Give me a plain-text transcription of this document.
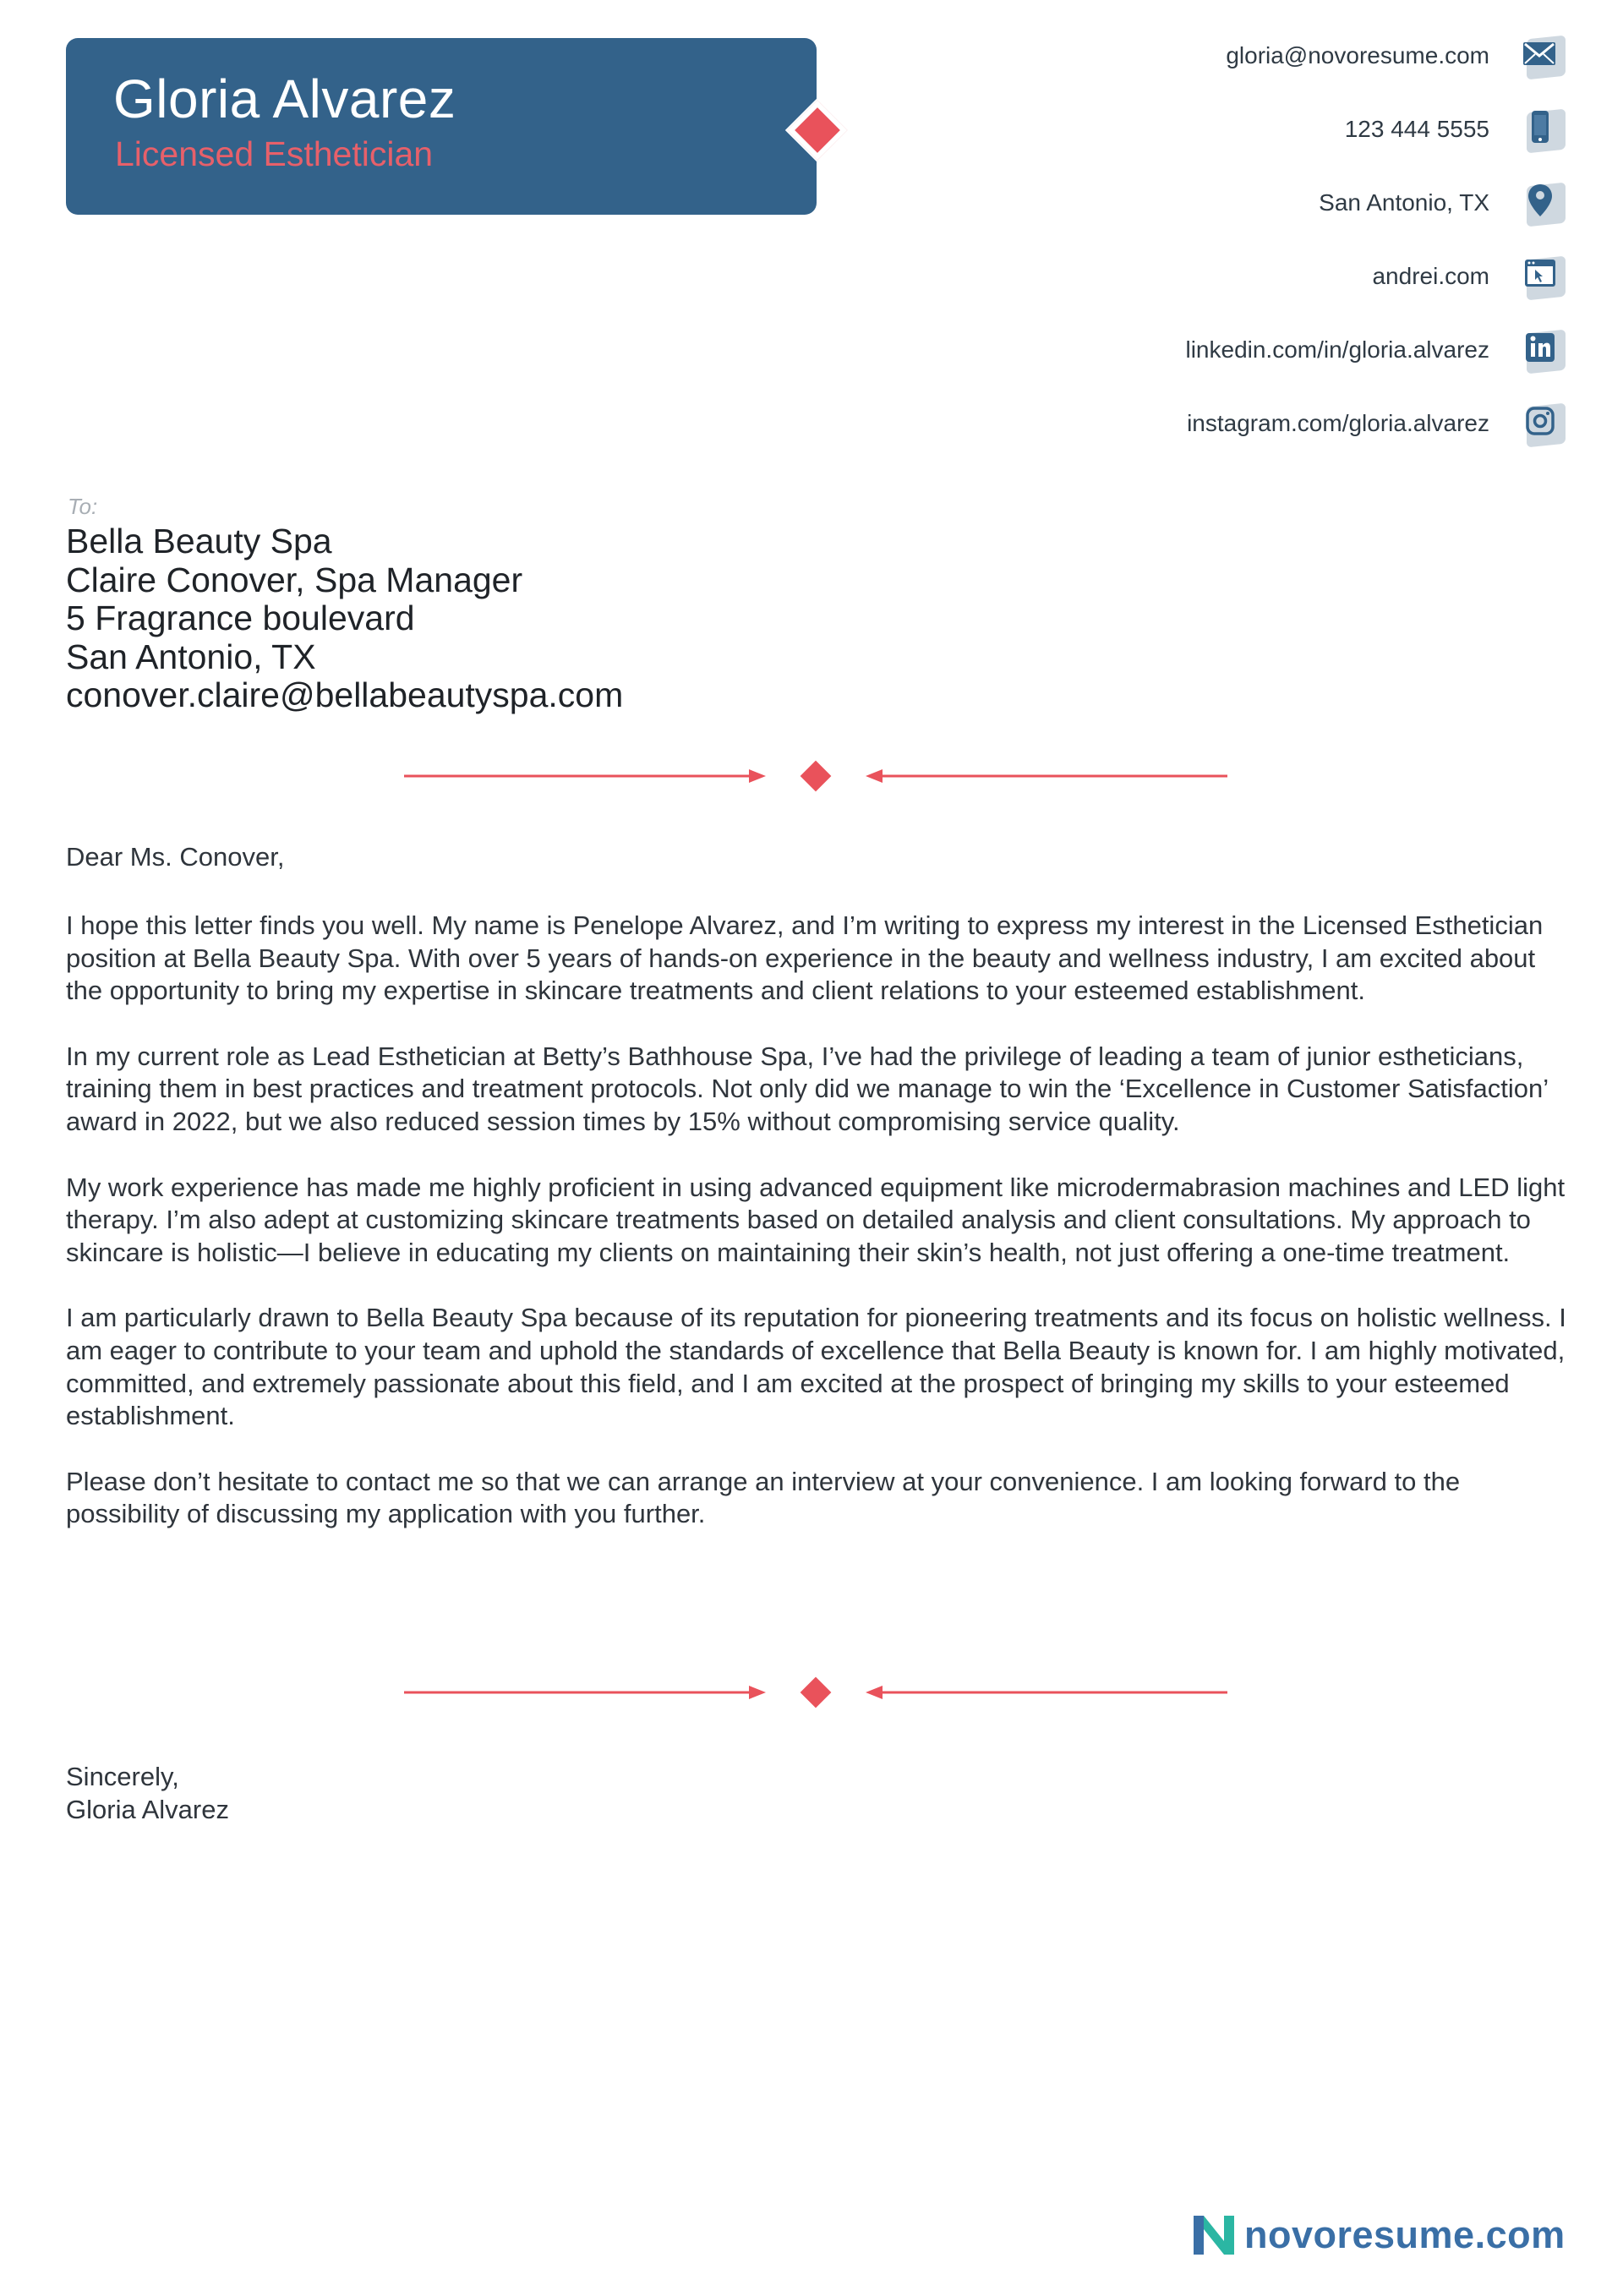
Gloria Alvarez
Licensed Esthetician
gloria@novoresume.com
123 444 5555
San Antonio, TX
andrei.com
linkedin.com/in/gloria.alvarez
instagram.com/gloria.alvarez
To:
Bella Beauty Spa
Claire Conover, Spa Manager
5 Fragrance boulevard
San Antonio, TX
conover.claire@bellabeautyspa.com
Dear Ms. Conover,

I hope this letter finds you well. My name is Penelope Alvarez, and I’m writing to express my interest in the Licensed Esthetician position at Bella Beauty Spa. With over 5 years of hands-on experience in the beauty and wellness industry, I am excited about the opportunity to bring my expertise in skincare treatments and client relations to your esteemed establishment.

In my current role as Lead Esthetician at Betty’s Bathhouse Spa, I’ve had the privilege of leading a team of junior estheticians, training them in best practices and treatment protocols. Not only did we manage to win the ‘Excellence in Customer Satisfaction’ award in 2022, but we also reduced session times by 15% without compromising service quality.

My work experience has made me highly proficient in using advanced equipment like microdermabrasion machines and LED light therapy. I’m also adept at customizing skincare treatments based on detailed analysis and client consultations. My approach to skincare is holistic—I believe in educating my clients on maintaining their skin’s health, not just offering a one-time treatment.

I am particularly drawn to Bella Beauty Spa because of its reputation for pioneering treatments and its focus on holistic wellness. I am eager to contribute to your team and uphold the standards of excellence that Bella Beauty is known for. I am highly motivated, committed, and extremely passionate about this field, and I am excited at the prospect of bringing my skills to your esteemed establishment.

Please don’t hesitate to contact me so that we can arrange an interview at your convenience. I am looking forward to the possibility of discussing my application with you further.

Sincerely,
Gloria Alvarez
novoresume.com
